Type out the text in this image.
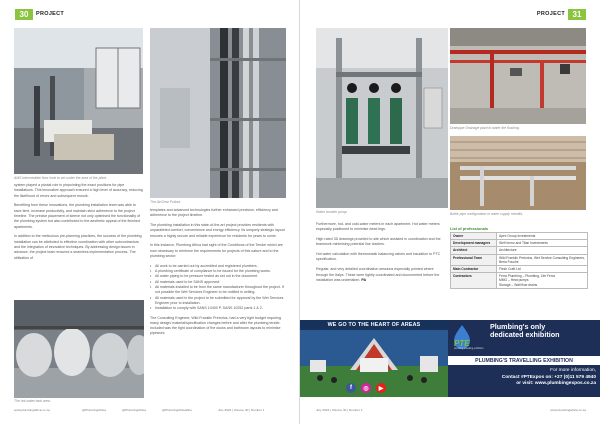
30	PROJECT
AMS intermediate floor heat to set under the area of the plant.
The AirClear Pullout.

system played a pivotal role in pinpointing the exact positions for pipe installations. This innovative approach ensured a high level of accuracy, reducing the likelihood of errors and subsequent rework.

Benefiting from these innovations, the plumbing installation team was able to save time, increase productivity, and maintain strict adherence to the project timeline. The precise placement of sleeve not only optimised the functionality of the plumbing system but also contributed to the aesthetic appeal of the finished apartments.

In addition to the meticulous pre-planning practices, the success of the plumbing installation can be attributed to effective coordination with other subcontractors and the integration of innovative techniques. By addressing design issues in advance, the project team ensured a seamless implementation process. The utilisation of

The hot water tank area.

templates and advanced technologies further enhanced precision, efficiency and adherence to the project timeline.

The plumbing installation in this state-of-the-art project provides residents with unparalleled comfort, convenience and energy efficiency. Its uniquely strategic layout ensures a highly secure and reliable experience for residents for years to come.

In this instance, Plumbing Africa had sight of the Conditions of the Tender which are now necessary to reinforce the requirements for projects of this nature and to the plumbing sector:

• All work to be carried out by accredited and registered plumbers.
• A plumbing certificate of compliance to be issued for the plumbing works.
• All water piping to be pressure tested as set out in the document.
• All materials used to be SANS approved.
• All materials installed to be from the same manufacturer throughout the project. If not possible the Wet Services Engineer to be notified in writing.
• All materials used in the project to be submitted for approval by the Wet Services Engineer prior to installation.
• Installation to comply with SANS 10400 P, SANS 10252 parts 1 & 2.

The Consulting Engineer, Wild Franklin Pretorius, had a very tight budget requiring many design/ material/specification changes before and after the plumbing tender. Included was the tight coordination of the docks and bathroom layouts to minimise pipework.

www.plumbingafrica.co.za	@PlumbingAfrica	@PlumbingAfrica	@PlumbingAfricaZine	July 2023 | Volume 30 | Number 1
PROJECT 31
Water booster pump.
Drainpipe Drainage plant to water the flushing.
Bottle pipe configuration in water supply retrofits.

Furthermore, hot- and cold-water meters in each apartment. Hot water meters especially positioned to minimise dead legs.

High rated 3D drawings provided to site which assisted in coordination and the teamwork minimising potential line clashes.

Hot water calculation with thermostatic balancing valves and insulation to PTC specification.

Regular, and very detailed coordination sessions especially pointed where through the Italys. These were tightly coordinated and documented before the installation was undertaken. PA

July 2023 | Volume 30 | Number 1	www.plumbingafrica.co.za
List of professionals
Owner	Apex Group Investments
Development managers	Stefi Immo and Titan Investments
Architect	Architecture
Professional Team	Wild Franklin Pretorius, Wet Service Consulting Engineers, Beria Fouche
Main Contractor	Flesh Craft Ltd
Contractors	Ferra Plumbing – Plumbing, Life Ferra
MMG – Heat pumps
Storage – Wall flow drains
WE GO TO THE HEART OF AREAS
f	◎	▶
PTE
plumbing travelling exhibition
Plumbing's only
dedicated exhibition
PLUMBING'S TRAVELLING EXHIBITION
For more information,
Contact #PTExpos on: +27 (0)11 579 4940
or visit: www.plumbingexpos.co.za
